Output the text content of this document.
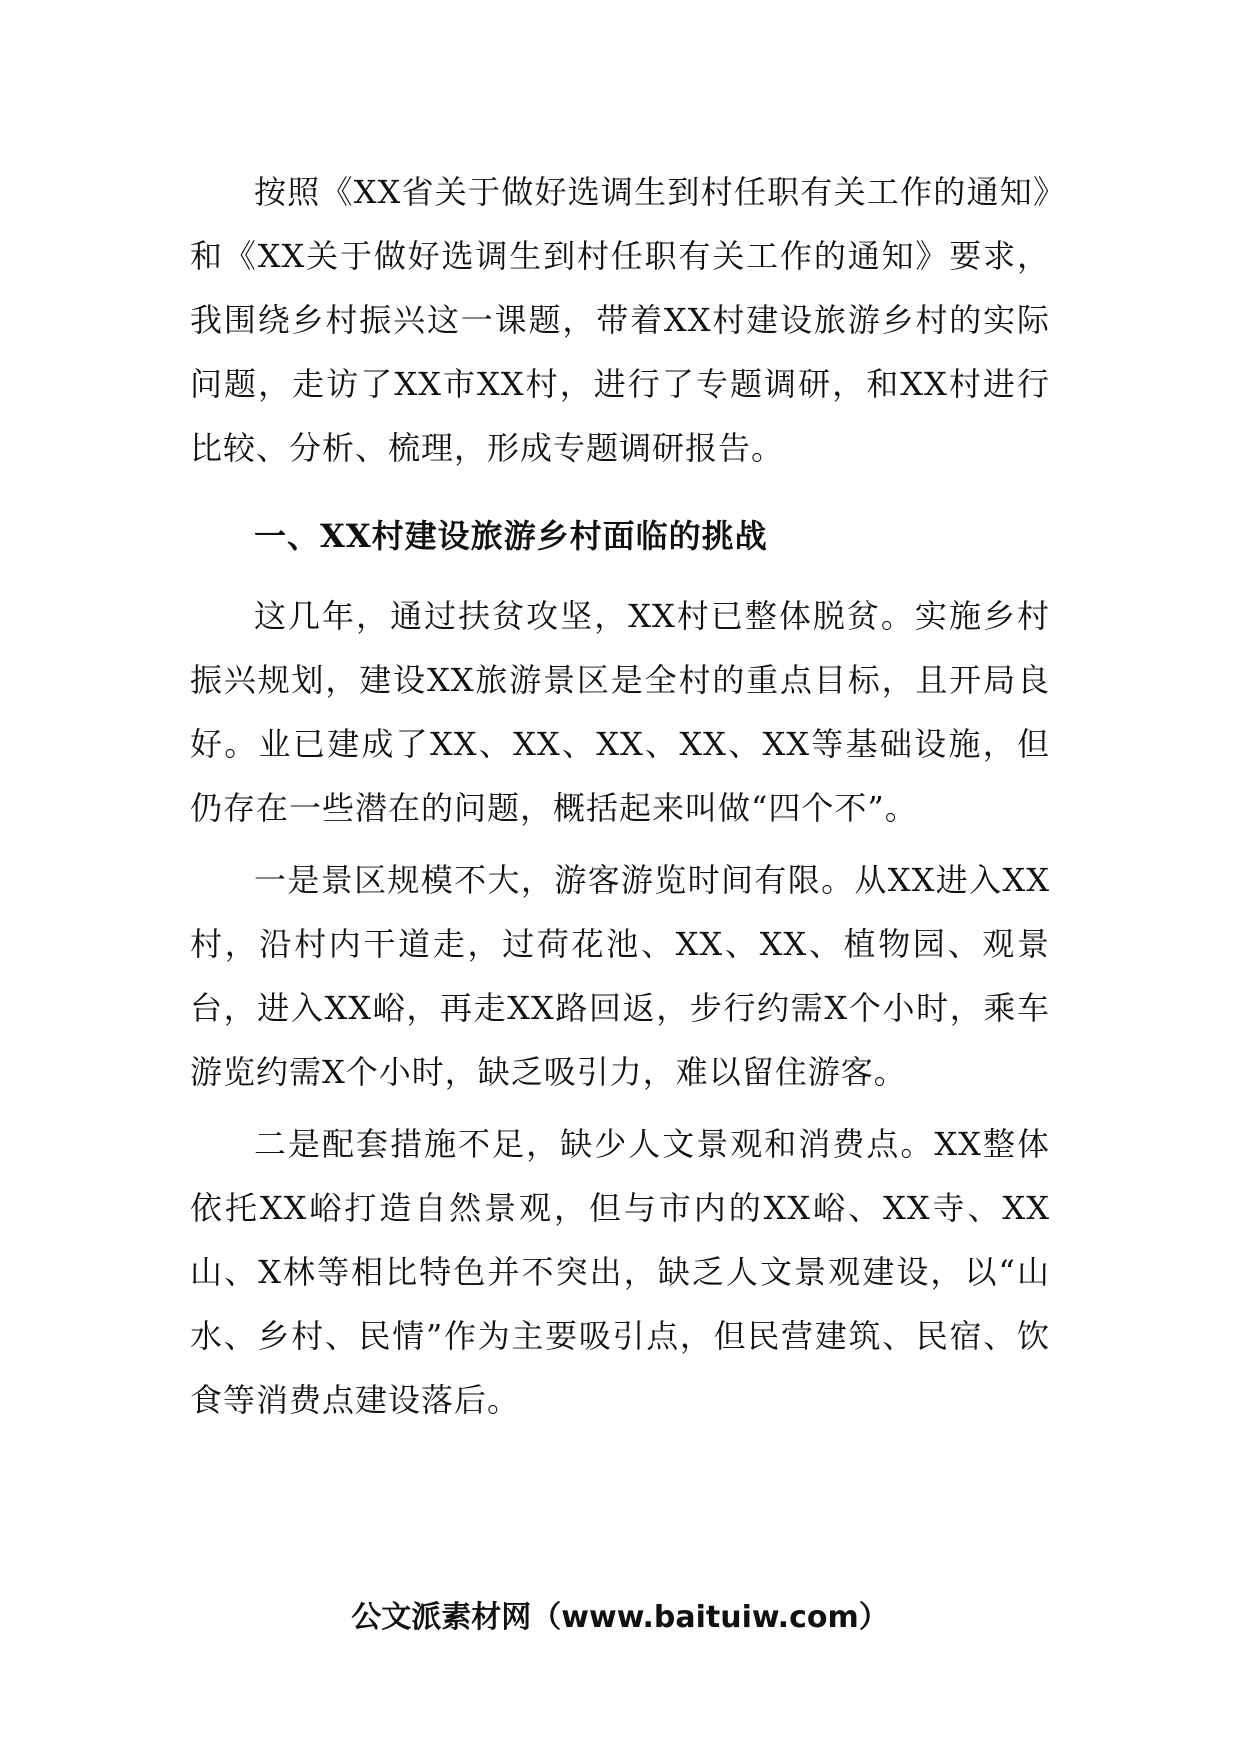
按照《XX省关于做好选调生到村任职有关工作的通知》和《XX关于做好选调生到村任职有关工作的通知》要求，我围绕乡村振兴这一课题，带着XX村建设旅游乡村的实际问题，走访了XX市XX村，进行了专题调研，和XX村进行比较、分析、梳理，形成专题调研报告。

一、XX村建设旅游乡村面临的挑战

这几年，通过扶贫攻坚，XX村已整体脱贫。实施乡村振兴规划，建设XX旅游景区是全村的重点目标，且开局良好。业已建成了XX、XX、XX、XX、XX等基础设施，但仍存在一些潜在的问题，概括起来叫做“四个不”。

一是景区规模不大，游客游览时间有限。从XX进入XX村，沿村内干道走，过荷花池、XX、XX、植物园、观景台，进入XX峪，再走XX路回返，步行约需X个小时，乘车游览约需X个小时，缺乏吸引力，难以留住游客。

二是配套措施不足，缺少人文景观和消费点。XX整体依托XX峪打造自然景观，但与市内的XX峪、XX寺、XX山、X林等相比特色并不突出，缺乏人文景观建设，以“山水、乡村、民情”作为主要吸引点，但民营建筑、民宿、饮食等消费点建设落后。

公文派素材网（www.baituiw.com）
